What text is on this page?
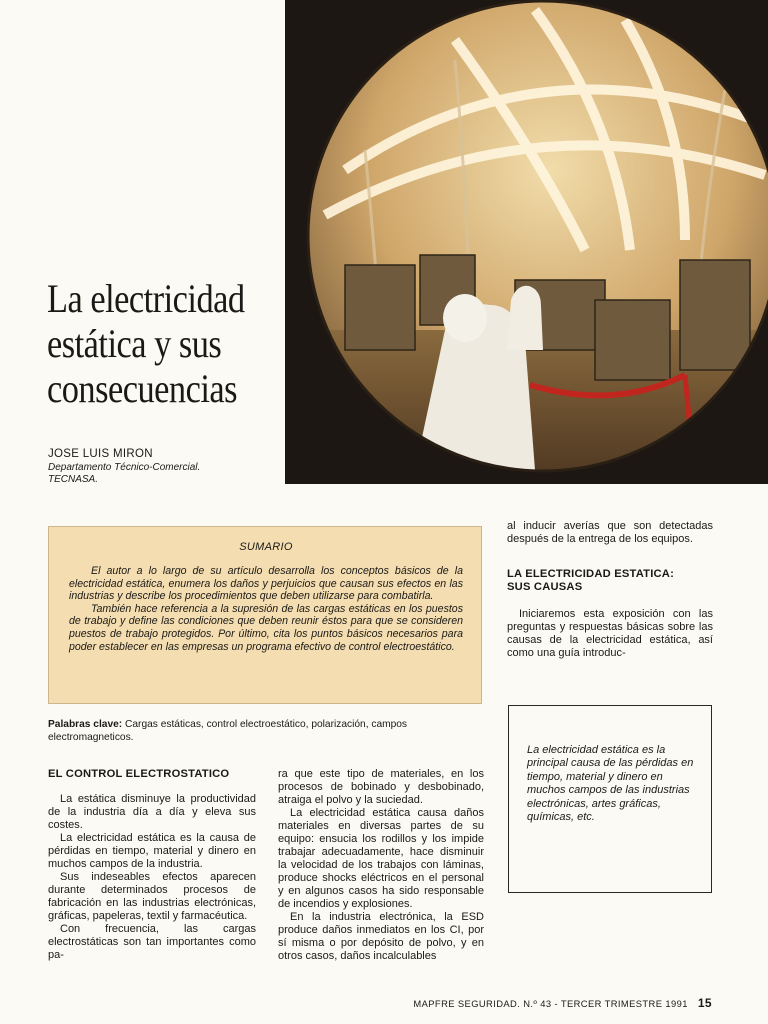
La electricidad
estática y sus
consecuencias
JOSE LUIS MIRON
Departamento Técnico-Comercial.
TECNASA.
SUMARIO

El autor a lo largo de su artículo desarrolla los conceptos básicos de la electricidad estática, enumera los daños y perjuicios que causan sus efectos en las industrias y describe los procedimientos que deben utilizarse para combatirla.

También hace referencia a la supresión de las cargas estáticas en los puestos de trabajo y define las condiciones que deben reunir éstos para que se consideren puestos de trabajo protegidos. Por último, cita los puntos básicos necesarios para poder establecer en las empresas un programa efectivo de control electroestático.

Palabras clave: Cargas estáticas, control electroestático, polarización, campos electromagneticos.
EL CONTROL ELECTROSTATICO

La estática disminuye la productividad de la industria día a día y eleva sus costes.

La electricidad estática es la causa de pérdidas en tiempo, material y dinero en muchos campos de la industria.

Sus indeseables efectos aparecen durante determinados procesos de fabricación en las industrias electrónicas, gráficas, papeleras, textil y farmacéutica.

Con frecuencia, las cargas electrostáticas son tan importantes como pa-

ra que este tipo de materiales, en los procesos de bobinado y desbobinado, atraiga el polvo y la suciedad.

La electricidad estática causa daños materiales en diversas partes de su equipo: ensucia los rodillos y los impide trabajar adecuadamente, hace disminuir la velocidad de los trabajos con láminas, produce shocks eléctricos en el personal y en algunos casos ha sido responsable de incendios y explosiones.

En la industria electrónica, la ESD produce daños inmediatos en los CI, por sí misma o por depósito de polvo, y en otros casos, daños incalculables

al inducir averías que son detectadas después de la entrega de los equipos.

LA ELECTRICIDAD ESTATICA:
SUS CAUSAS

Iniciaremos esta exposición con las preguntas y respuestas básicas sobre las causas de la electricidad estática, así como una guía introduc-

La electricidad estática es la principal causa de las pérdidas en tiempo, material y dinero en muchos campos de las industrias electrónicas, artes gráficas, químicas, etc.

MAPFRE SEGURIDAD. N.º 43 - TERCER TRIMESTRE 1991 15
